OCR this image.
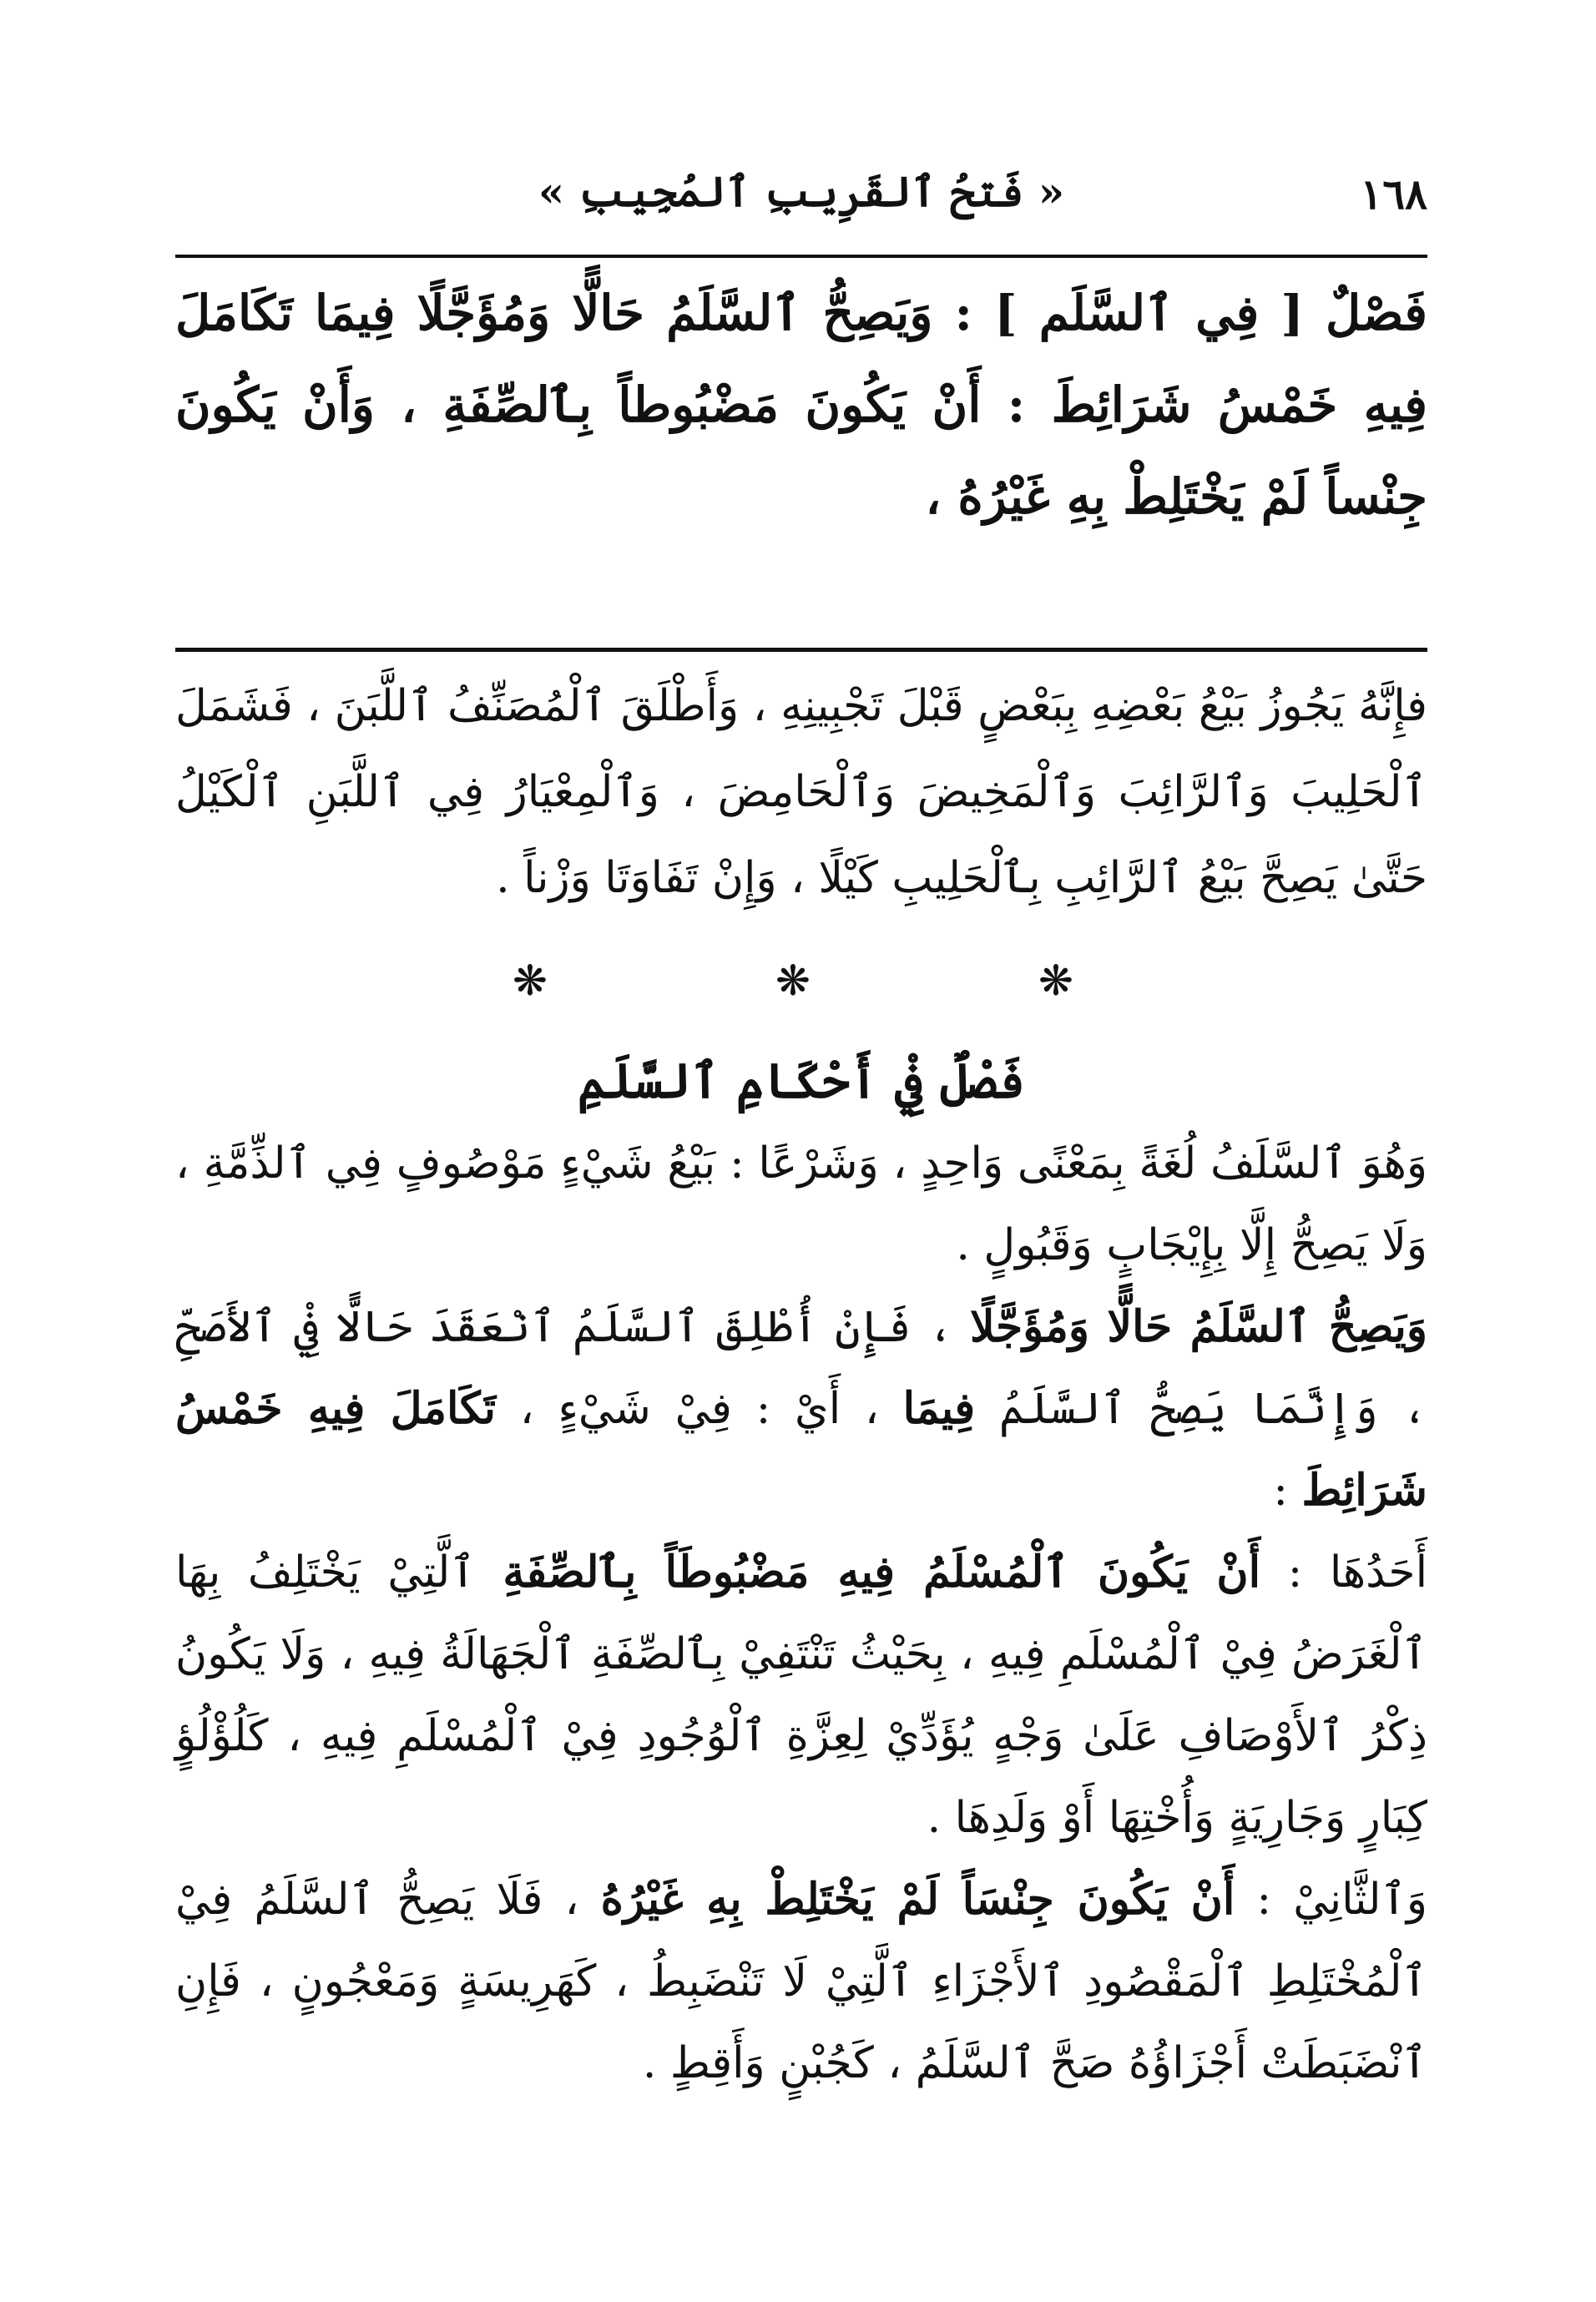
١٦٨
« فَتحُ ٱلقَرِيبِ ٱلمُجِيبِ »
فَصْلٌ [ فِي ٱلسَّلَم ] : وَيَصِحُّ ٱلسَّلَمُ حَالًّا وَمُؤَجَّلًا فِيمَا تَكَامَلَ فِيهِ خَمْسُ شَرَائِطَ : أَنْ يَكُونَ مَضْبُوطاً بِٱلصِّفَةِ ، وَأَنْ يَكُونَ جِنْساً لَمْ يَخْتَلِطْ بِهِ غَيْرُهُ ،
فإِنَّهُ يَجُوزُ بَيْعُ بَعْضِهِ بِبَعْضٍ قَبْلَ تَجْبِينِهِ ، وَأَطْلَقَ ٱلْمُصَنِّفُ ٱللَّبَنَ ، فَشَمَلَ ٱلْحَلِيبَ وَٱلرَّائِبَ وَٱلْمَخِيضَ وَٱلْحَامِضَ ، وَٱلْمِعْيَارُ فِي ٱللَّبَنِ ٱلْكَيْلُ حَتَّىٰ يَصِحَّ بَيْعُ ٱلرَّائِبِ بِٱلْحَلِيبِ كَيْلًا ، وَإِنْ تَفَاوَتَا وَزْناً .
❋	❋	❋
فَصْلٌ فِيْ أَحْكَامِ ٱلسَّلَمِ
وَهُوَ ٱلسَّلَفُ لُغَةً بِمَعْنًى وَاحِدٍ ، وَشَرْعًا : بَيْعُ شَيْءٍ مَوْصُوفٍ فِي ٱلذِّمَّةِ ، وَلَا يَصِحُّ إِلَّا بِإِيْجَابٍ وَقَبُولٍ .
وَيَصِحُّ ٱلسَّلَمُ حَالًّا وَمُؤَجَّلًا ، فَإِنْ أُطْلِقَ ٱلسَّلَمُ ٱنْعَقَدَ حَالًّا فِيْ ٱلأَصَحِّ ، وَإِنَّمَا يَصِحُّ ٱلسَّلَمُ فِيمَا ، أَيْ : فِيْ شَيْءٍ ، تَكَامَلَ فِيهِ خَمْسُ شَرَائِطَ :
أَحَدُهَا : أَنْ يَكُونَ ٱلْمُسْلَمُ فِيهِ مَضْبُوطَاً بِٱلصِّفَةِ ٱلَّتِيْ يَخْتَلِفُ بِهَا ٱلْغَرَضُ فِيْ ٱلْمُسْلَمِ فِيهِ ، بِحَيْثُ تَنْتَفِيْ بِٱلصِّفَةِ ٱلْجَهَالَةُ فِيهِ ، وَلَا يَكُونُ ذِكْرُ ٱلأَوْصَافِ عَلَىٰ وَجْهٍ يُؤَدِّيْ لِعِزَّةِ ٱلْوُجُودِ فِيْ ٱلْمُسْلَمِ فِيهِ ، كَلُؤْلُؤٍ كِبَارٍ وَجَارِيَةٍ وَأُخْتِهَا أَوْ وَلَدِهَا .
وَٱلثَّانِيْ : أَنْ يَكُونَ جِنْسَاً لَمْ يَخْتَلِطْ بِهِ غَيْرُهُ ، فَلَا يَصِحُّ ٱلسَّلَمُ فِيْ ٱلْمُخْتَلِطِ ٱلْمَقْصُودِ ٱلأَجْزَاءِ ٱلَّتِيْ لَا تَنْضَبِطُ ، كَهَرِيسَةٍ وَمَعْجُونٍ ، فَإِنِ ٱنْضَبَطَتْ أَجْزَاؤُهُ صَحَّ ٱلسَّلَمُ ، كَجُبْنٍ وَأَقِطٍ .
